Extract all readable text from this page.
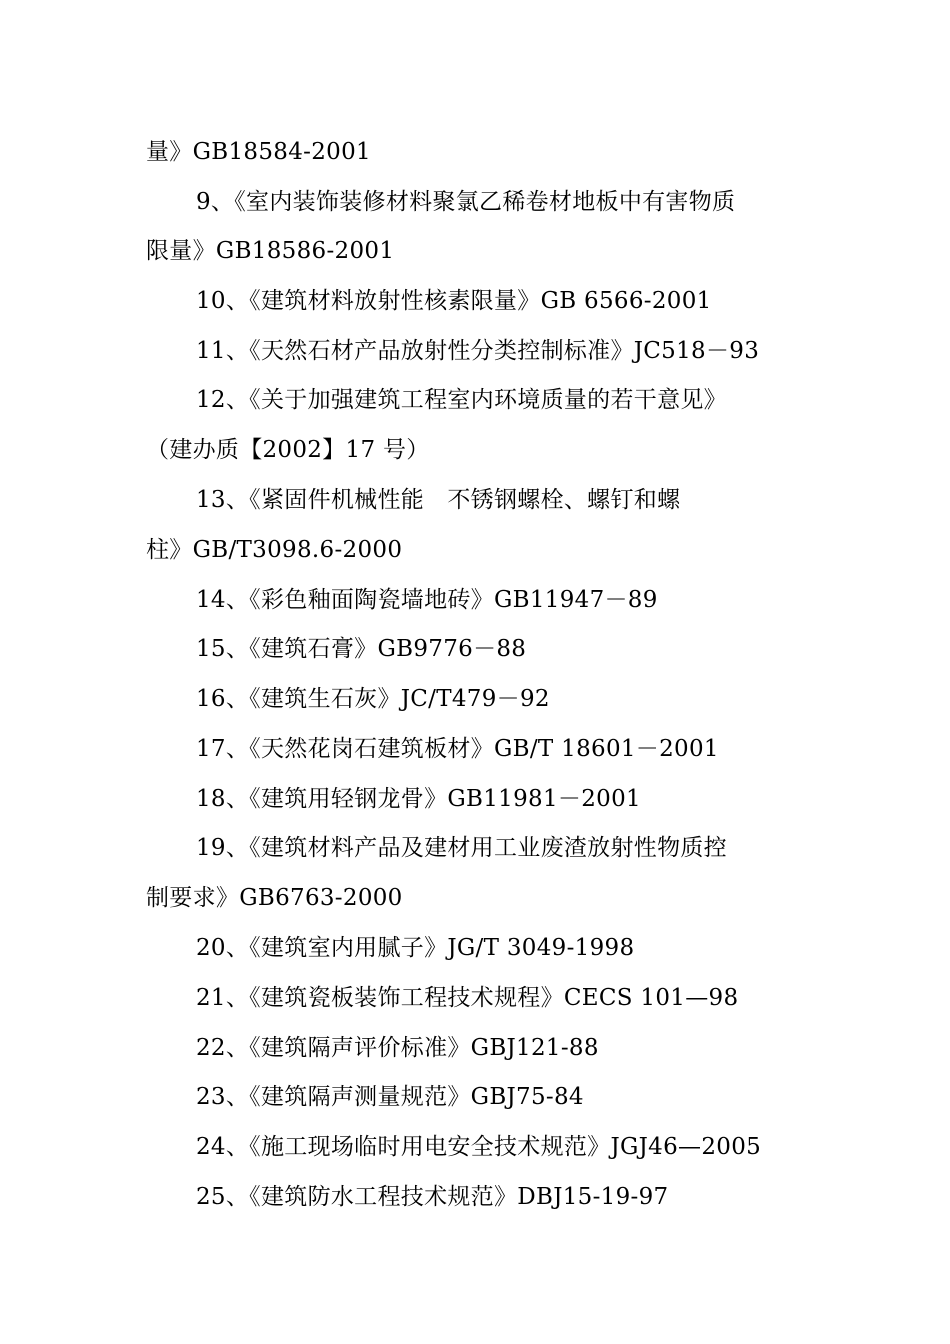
量》GB18584-2001
9、《室内装饰装修材料聚氯乙稀卷材地板中有害物质
限量》GB18586-2001
10、《建筑材料放射性核素限量》GB 6566-2001
11、《天然石材产品放射性分类控制标准》JC518－93
12、《关于加强建筑工程室内环境质量的若干意见》
（建办质【2002】17 号）
13、《紧固件机械性能　不锈钢螺栓、螺钉和螺
柱》GB/T3098.6-2000
14、《彩色釉面陶瓷墙地砖》GB11947－89
15、《建筑石膏》GB9776－88
16、《建筑生石灰》JC/T479－92
17、《天然花岗石建筑板材》GB/T 18601－2001
18、《建筑用轻钢龙骨》GB11981－2001
19、《建筑材料产品及建材用工业废渣放射性物质控
制要求》GB6763-2000
20、《建筑室内用腻子》JG/T 3049-1998
21、《建筑瓷板装饰工程技术规程》CECS 101—98
22、《建筑隔声评价标准》GBJ121-88
23、《建筑隔声测量规范》GBJ75-84
24、《施工现场临时用电安全技术规范》JGJ46—2005
25、《建筑防水工程技术规范》DBJ15-19-97
